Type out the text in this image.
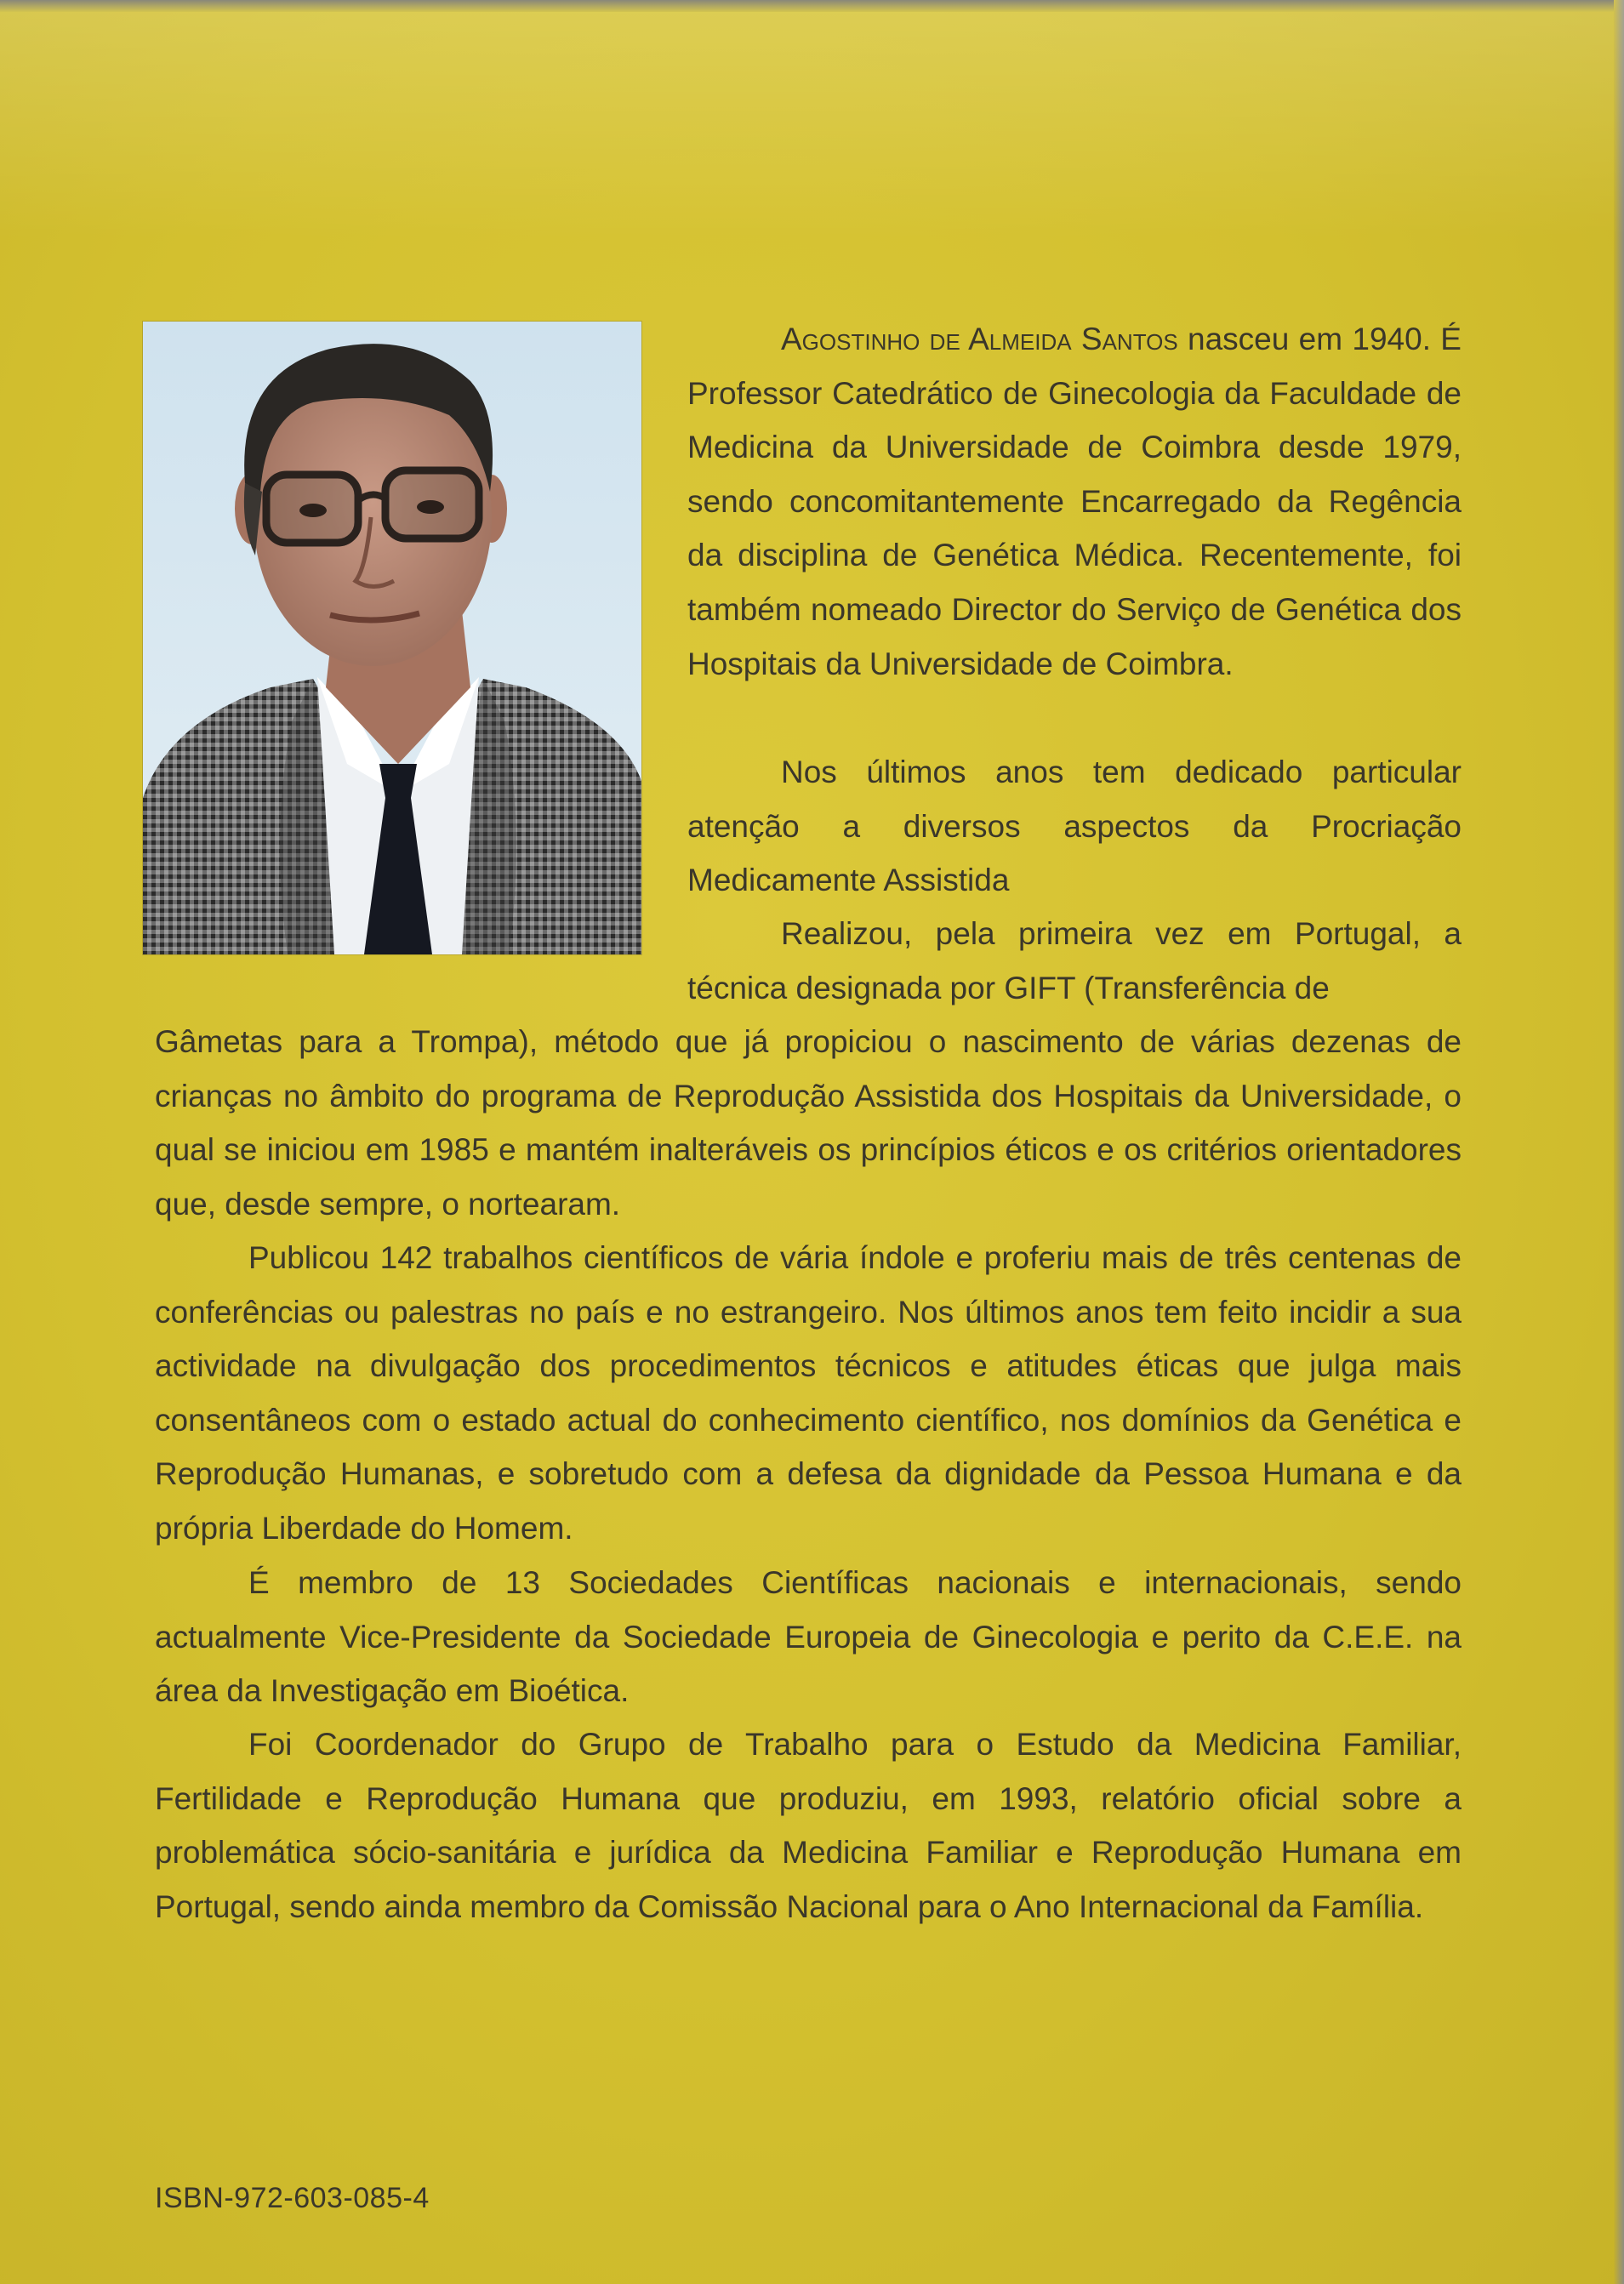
Agostinho de Almeida Santos nasceu em 1940. É Professor Catedrático de Ginecologia da Faculdade de Medicina da Universidade de Coimbra desde 1979, sendo concomitantemente Encarregado da Regência da disciplina de Genética Médica. Recentemente, foi também nomeado Director do Serviço de Genética dos Hospitais da Universidade de Coimbra.

Nos últimos anos tem dedicado particular atenção a diversos aspectos da Procriação Medicamente Assistida

Realizou, pela primeira vez em Portugal, a técnica designada por GIFT (Transferência de

Gâmetas para a Trompa), método que já propiciou o nascimento de várias dezenas de crianças no âmbito do programa de Reprodução Assistida dos Hospitais da Universidade, o qual se iniciou em 1985 e mantém inalteráveis os princípios éticos e os critérios orientadores que, desde sempre, o nortearam.

Publicou 142 trabalhos científicos de vária índole e proferiu mais de três centenas de conferências ou palestras no país e no estrangeiro. Nos últimos anos tem feito incidir a sua actividade na divulgação dos procedimentos técnicos e atitudes éticas que julga mais consentâneos com o estado actual do conhecimento científico, nos domínios da Genética e Reprodução Humanas, e sobretudo com a defesa da dignidade da Pessoa Humana e da própria Liberdade do Homem.

É membro de 13 Sociedades Científicas nacionais e internacionais, sendo actualmente Vice-Presidente da Sociedade Europeia de Ginecologia e perito da C.E.E. na área da Investigação em Bioética.

Foi Coordenador do Grupo de Trabalho para o Estudo da Medicina Familiar, Fertilidade e Reprodução Humana que produziu, em 1993, relatório oficial sobre a problemática sócio-sanitária e jurídica da Medicina Familiar e Reprodução Humana em Portugal, sendo ainda membro da Comissão Nacional para o Ano Internacional da Família.

ISBN-972-603-085-4
